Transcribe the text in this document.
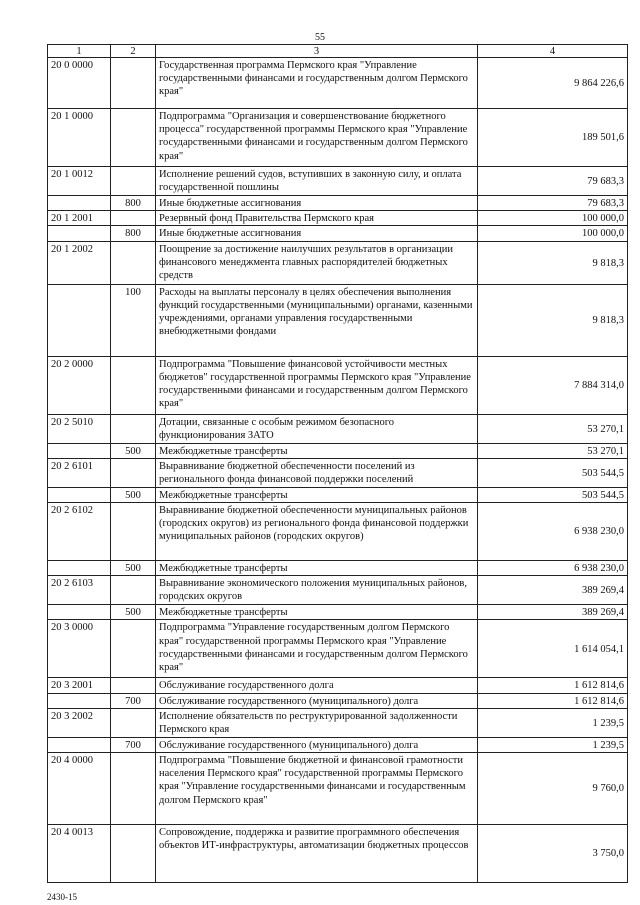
55
1	2	3	4
20 0 0000		Государственная программа Пермского края "Управление государственными финансами и государственным долгом Пермского края"	9 864 226,6
20 1 0000		Подпрограмма "Организация и совершенствование бюджетного процесса" государственной программы Пермского края "Управление государственными финансами и государственным долгом Пермского края"	189 501,6
20 1 0012		Исполнение решений судов, вступивших в законную силу, и оплата государственной пошлины	79 683,3
	800	Иные бюджетные ассигнования	79 683,3
20 1 2001		Резервный фонд Правительства Пермского края	100 000,0
	800	Иные бюджетные ассигнования	100 000,0
20 1 2002		Поощрение за достижение наилучших результатов в организации финансового менеджмента главных распорядителей бюджетных средств	9 818,3
	100	Расходы на выплаты персоналу в целях обеспечения выполнения функций государственными (муниципальными) органами, казенными учреждениями, органами управления государственными внебюджетными фондами	9 818,3
20 2 0000		Подпрограмма "Повышение финансовой устойчивости местных бюджетов" государственной программы Пермского края "Управление государственными финансами и государственным долгом Пермского края"	7 884 314,0
20 2 5010		Дотации, связанные с особым режимом безопасного функционирования ЗАТО	53 270,1
	500	Межбюджетные трансферты	53 270,1
20 2 6101		Выравнивание бюджетной обеспеченности поселений из регионального фонда финансовой поддержки поселений	503 544,5
	500	Межбюджетные трансферты	503 544,5
20 2 6102		Выравнивание бюджетной обеспеченности муниципальных районов (городских округов) из регионального фонда финансовой поддержки муниципальных районов (городских округов)	6 938 230,0
	500	Межбюджетные трансферты	6 938 230,0
20 2 6103		Выравнивание экономического положения муниципальных районов, городских округов	389 269,4
	500	Межбюджетные трансферты	389 269,4
20 3 0000		Подпрограмма "Управление государственным долгом Пермского края" государственной программы Пермского края "Управление государственными финансами и государственным долгом Пермского края"	1 614 054,1
20 3 2001		Обслуживание государственного долга	1 612 814,6
	700	Обслуживание государственного (муниципального) долга	1 612 814,6
20 3 2002		Исполнение обязательств по реструктурированной задолженности Пермского края	1 239,5
	700	Обслуживание государственного (муниципального) долга	1 239,5
20 4 0000		Подпрограмма "Повышение бюджетной и финансовой грамотности населения Пермского края" государственной программы Пермского края "Управление государственными финансами и государственным долгом Пермского края"	9 760,0
20 4 0013		Сопровождение, поддержка и развитие программного обеспечения объектов ИТ-инфраструктуры, автоматизации бюджетных процессов	3 750,0
2430-15
